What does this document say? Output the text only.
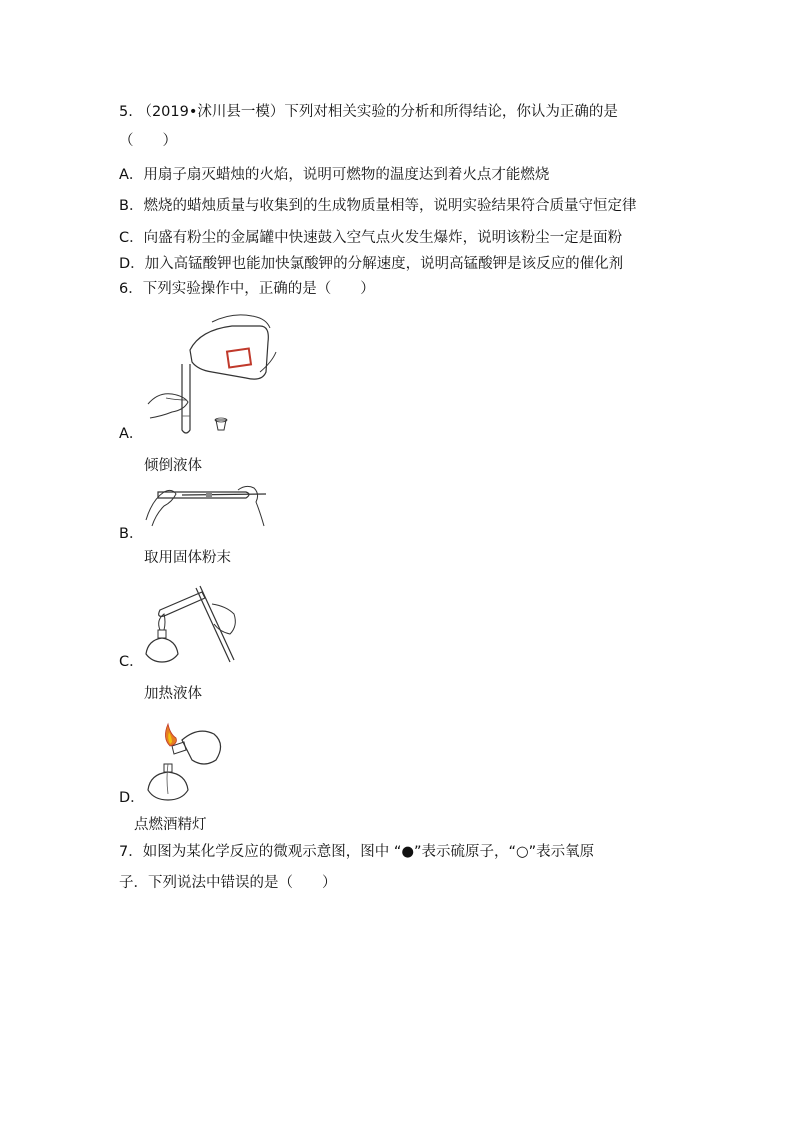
5. （2019•沭川县一模）下列对相关实验的分析和所得结论，你认为正确的是
（　　）
A．用扇子扇灭蜡烛的火焰，说明可燃物的温度达到着火点才能燃烧
B．燃烧的蜡烛质量与收集到的生成物质量相等，说明实验结果符合质量守恒定律
C．向盛有粉尘的金属罐中快速鼓入空气点火发生爆炸，说明该粉尘一定是面粉
D．加入高锰酸钾也能加快氯酸钾的分解速度，说明高锰酸钾是该反应的催化剂
6．下列实验操作中，正确的是（　　）
A．
倾倒液体
B．
取用固体粉末
C．
加热液体
D．
点燃酒精灯
7．如图为某化学反应的微观示意图，图中 “●”表示硫原子，“○”表示氧原
子．下列说法中错误的是（　　）
